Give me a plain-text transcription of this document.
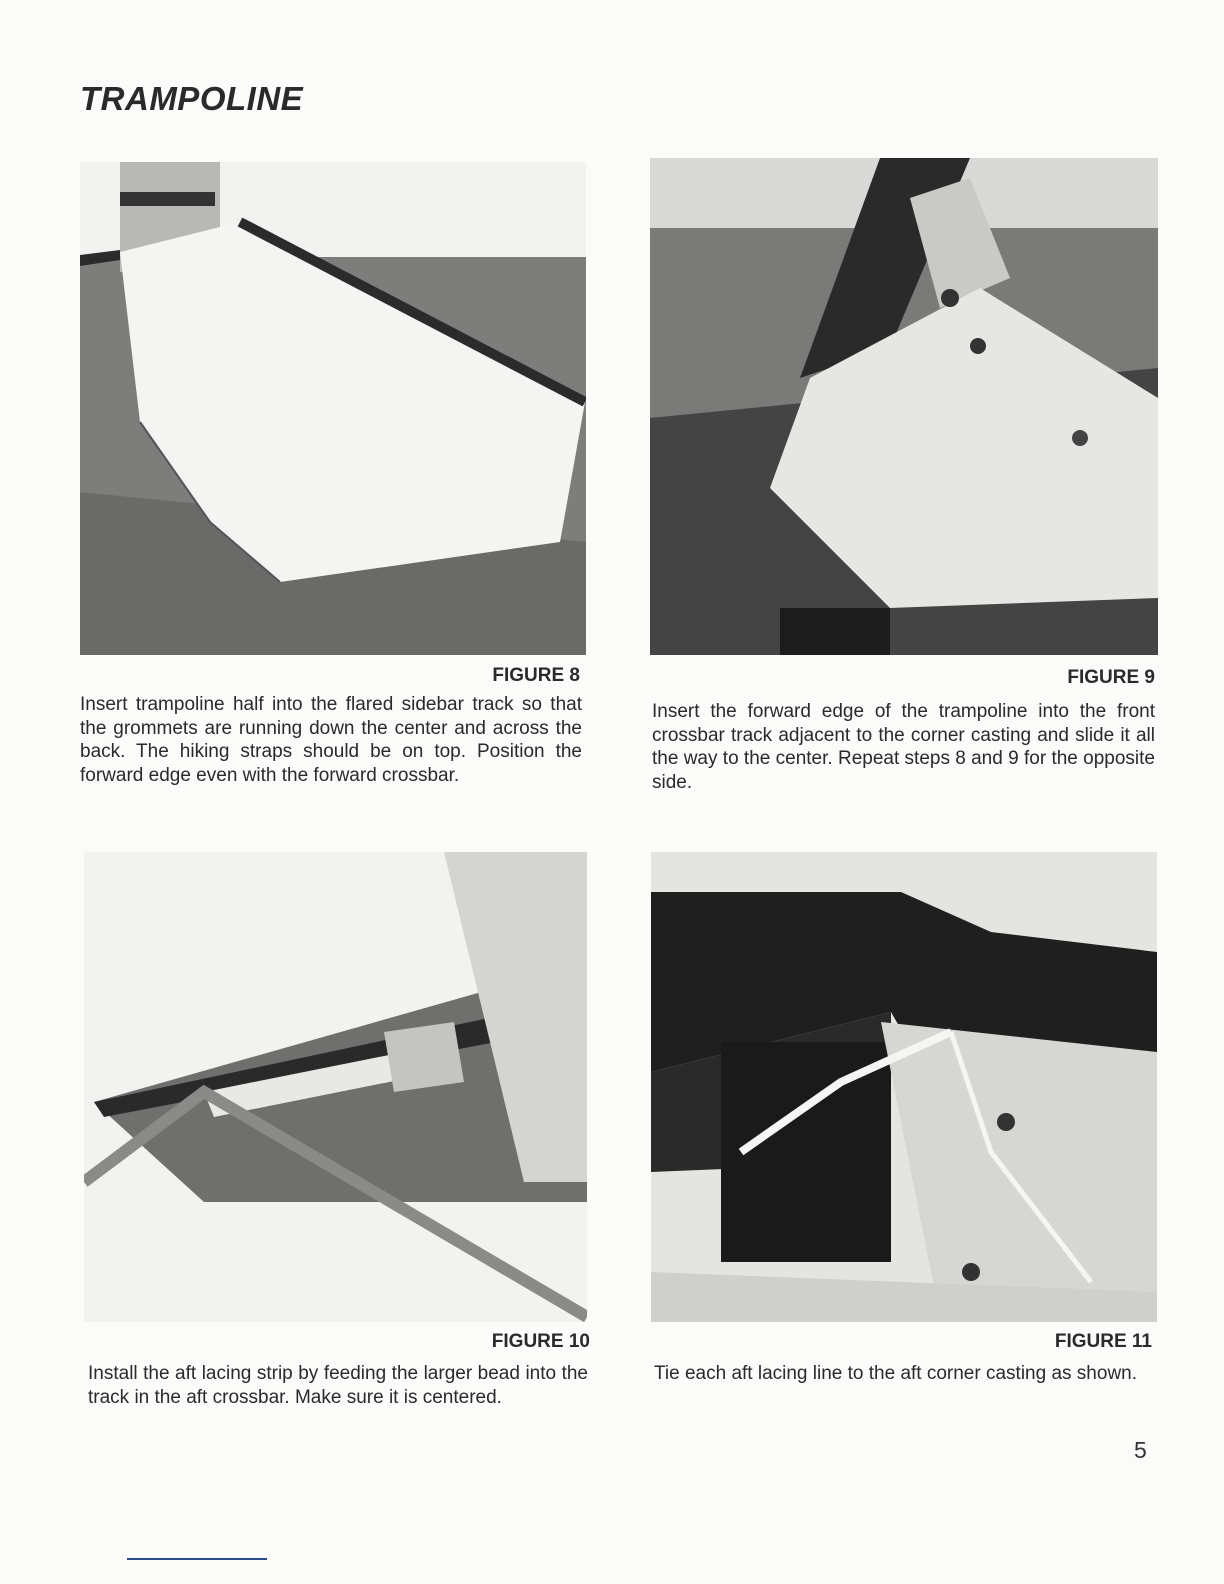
TRAMPOLINE
FIGURE 8	FIGURE 9

Insert trampoline half into the flared sidebar track so that the grommets are running down the center and across the back. The hiking straps should be on top. Position the forward edge even with the forward crossbar.

Insert the forward edge of the trampoline into the front crossbar track adjacent to the corner casting and slide it all the way to the center. Repeat steps 8 and 9 for the opposite side.

FIGURE 10	FIGURE 11

Install the aft lacing strip by feeding the larger bead into the track in the aft crossbar. Make sure it is centered.

Tie each aft lacing line to the aft corner casting as shown.

5
